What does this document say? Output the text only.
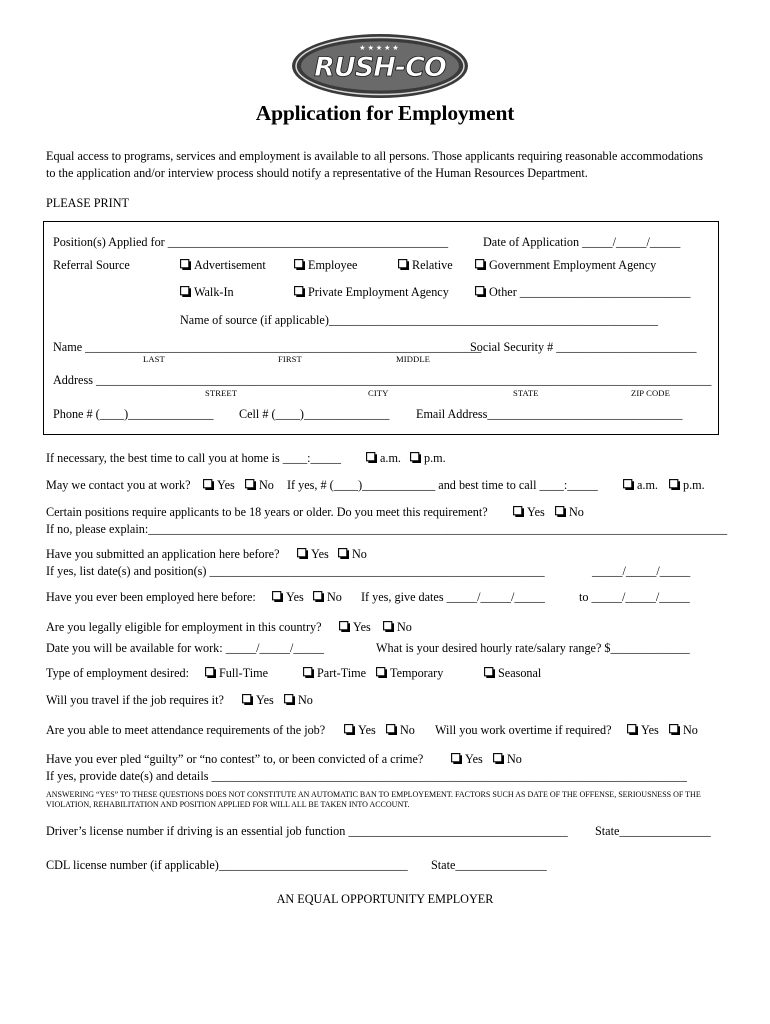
★★★★★
RUSH-CO
Application for Employment
Equal access to programs, services and employment is available to all persons. Those applicants requiring reasonable accommodations
to the application and/or interview process should notify a representative of the Human Resources Department.
PLEASE PRINT
Position(s) Applied for ______________________________________________	Date of Application _____/_____/_____
Referral Source	Advertisement	Employee	Relative	Government Employment Agency
Walk-In	Private Employment Agency	Other ____________________________
Name of source (if applicable)______________________________________________________
Name _________________________________________________________________
Social Security # _______________________
LAST	FIRST	MIDDLE
Address _____________________________________________________________________________________________________
STREET	CITY	STATE	ZIP CODE
Phone # (____)______________ Cell # (____)______________ Email Address________________________________
If necessary, the best time to call you at home is ____:_____	a.m.	p.m.
May we contact you at work?	Yes	No If yes, # (____)____________ and best time to call ____:_____	a.m.	p.m.
Certain positions require applicants to be 18 years or older. Do you meet this requirement?	Yes	No
If no, please explain:_______________________________________________________________________________________________
Have you submitted an application here before?	Yes	No
If yes, list date(s) and position(s) _______________________________________________________	_____/_____/_____
Have you ever been employed here before:	Yes	No If yes, give dates _____/_____/_____	to _____/_____/_____
Are you legally eligible for employment in this country?	Yes	No
Date you will be available for work: _____/_____/_____	What is your desired hourly rate/salary range? $_____________
Type of employment desired:	Full-Time	Part-Time	Temporary	Seasonal
Will you travel if the job requires it?	Yes	No
Are you able to meet attendance requirements of the job?	Yes	No Will you work overtime if required?	Yes	No
Have you ever pled “guilty” or “no contest” to, or been convicted of a crime?	Yes	No
If yes, provide date(s) and details ______________________________________________________________________________
ANSWERING “YES” TO THESE QUESTIONS DOES NOT CONSTITUTE AN AUTOMATIC BAN TO EMPLOYEMENT. FACTORS SUCH AS DATE OF THE OFFENSE, SERIOUSNESS OF THE VIOLATION, REHABILITATION AND POSITION APPLIED FOR WILL ALL BE TAKEN INTO ACCOUNT.
Driver’s license number if driving is an essential job function ____________________________________ State_______________
CDL license number (if applicable)_______________________________ State_______________
AN EQUAL OPPORTUNITY EMPLOYER
